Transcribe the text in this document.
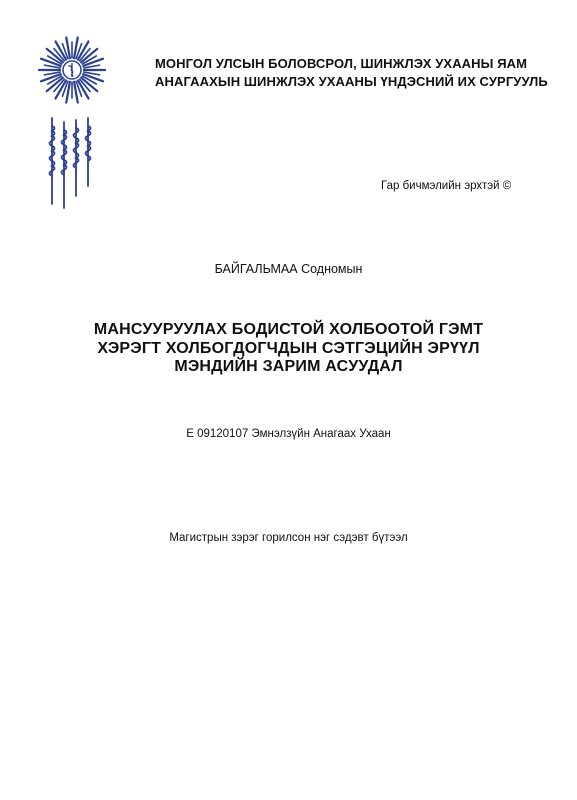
МОНГОЛ УЛСЫН БОЛОВСРОЛ, ШИНЖЛЭХ УХААНЫ ЯАМ
АНАГААХЫН ШИНЖЛЭХ УХААНЫ ҮНДЭСНИЙ ИХ СУРГУУЛЬ
Гар бичмэлийн эрхтэй ©
БАЙГАЛЬМАА Содномын
МАНСУУРУУЛАХ БОДИСТОЙ ХОЛБООТОЙ ГЭМТ
ХЭРЭГТ ХОЛБОГДОГЧДЫН СЭТГЭЦИЙН ЭРҮҮЛ
МЭНДИЙН ЗАРИМ АСУУДАЛ
Е 09120107 Эмнэлзүйн Анагаах Ухаан
Магистрын зэрэг горилсон нэг сэдэвт бүтээл
